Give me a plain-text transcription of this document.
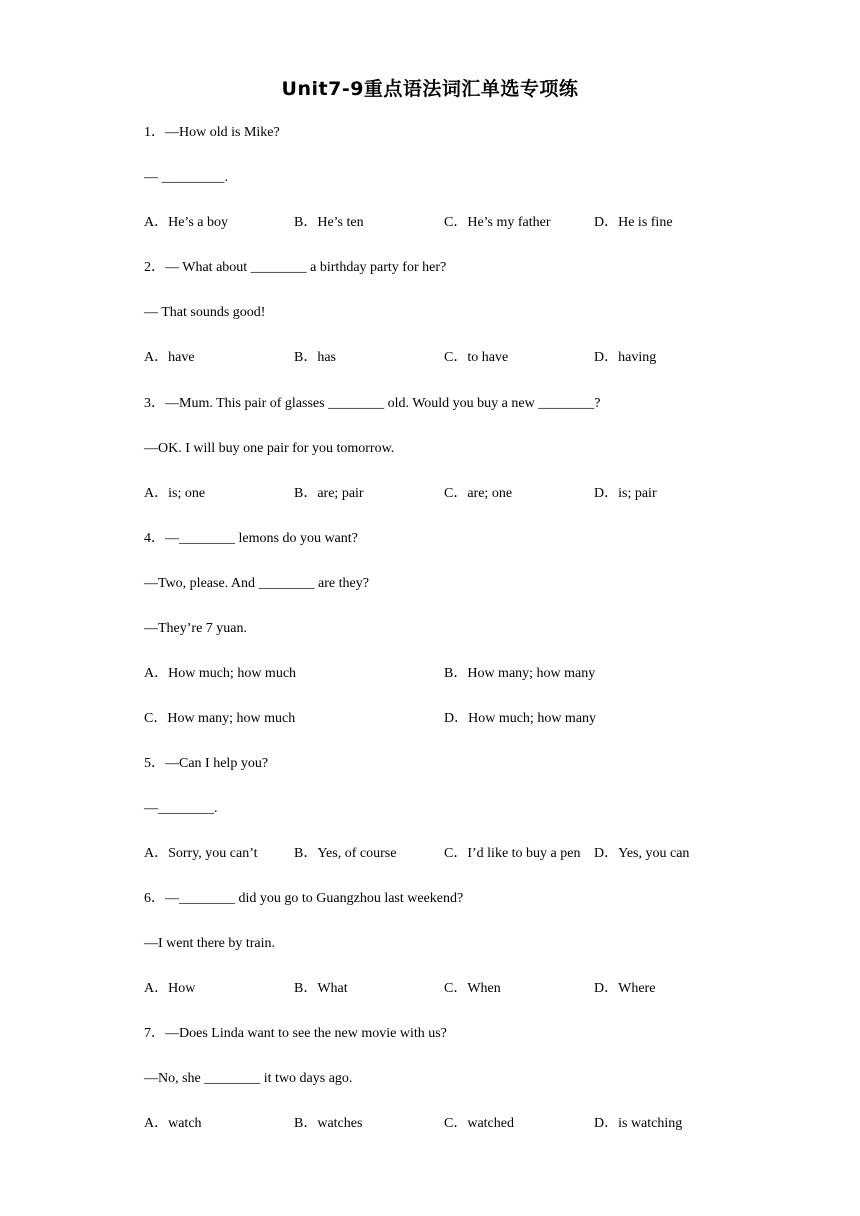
Unit7-9重点语法词汇单选专项练
1．—How old is Mike?
— _________.
A．He’s a boy	B．He’s ten	C．He’s my father	D．He is fine
2．— What about ________ a birthday party for her?
— That sounds good!
A．have	B．has	C．to have	D．having
3．—Mum. This pair of glasses ________ old. Would you buy a new ________?
—OK. I will buy one pair for you tomorrow.
A．is; one	B．are; pair	C．are; one	D．is; pair
4．—________ lemons do you want?
—Two, please. And ________ are they?
—They’re 7 yuan.
A．How much; how much	B．How many; how many
C．How many; how much	D．How much; how many
5．—Can I help you?
—________.
A．Sorry, you can’t	B．Yes, of course	C．I’d like to buy a pen D．Yes, you can
6．—________ did you go to Guangzhou last weekend?
—I went there by train.
A．How	B．What	C．When	D．Where
7．—Does Linda want to see the new movie with us?
—No, she ________ it two days ago.
A．watch	B．watches	C．watched	D．is watching
